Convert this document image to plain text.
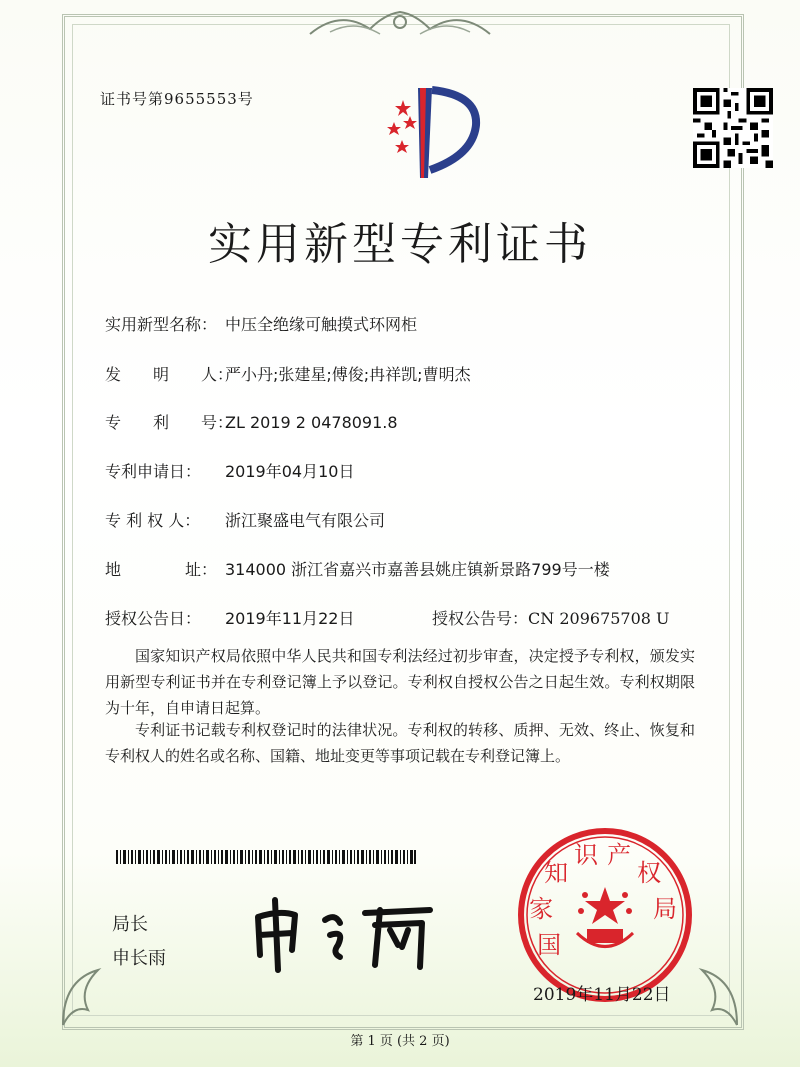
证书号第9655553号
实用新型专利证书
实用新型名称： 中压全绝缘可触摸式环网柜
发　　明　　人：严小丹;张建星;傅俊;冉祥凯;曹明杰
专　　利　　号：ZL 2019 2 0478091.8
专利申请日： 2019年04月10日
专 利 权 人： 浙江聚盛电气有限公司
地　　　　址： 314000 浙江省嘉兴市嘉善县姚庄镇新景路799号一楼
授权公告日： 2019年11月22日	授权公告号：CN 209675708 U
国家知识产权局依照中华人民共和国专利法经过初步审查，决定授予专利权，颁发实用新型专利证书并在专利登记簿上予以登记。专利权自授权公告之日起生效。专利权期限为十年，自申请日起算。
专利证书记载专利权登记时的法律状况。专利权的转移、质押、无效、终止、恢复和专利权人的姓名或名称、国籍、地址变更等事项记载在专利登记簿上。
局长
申长雨	国 家 知 识 产 权 局
2019年11月22日
第 1 页 (共 2 页)
